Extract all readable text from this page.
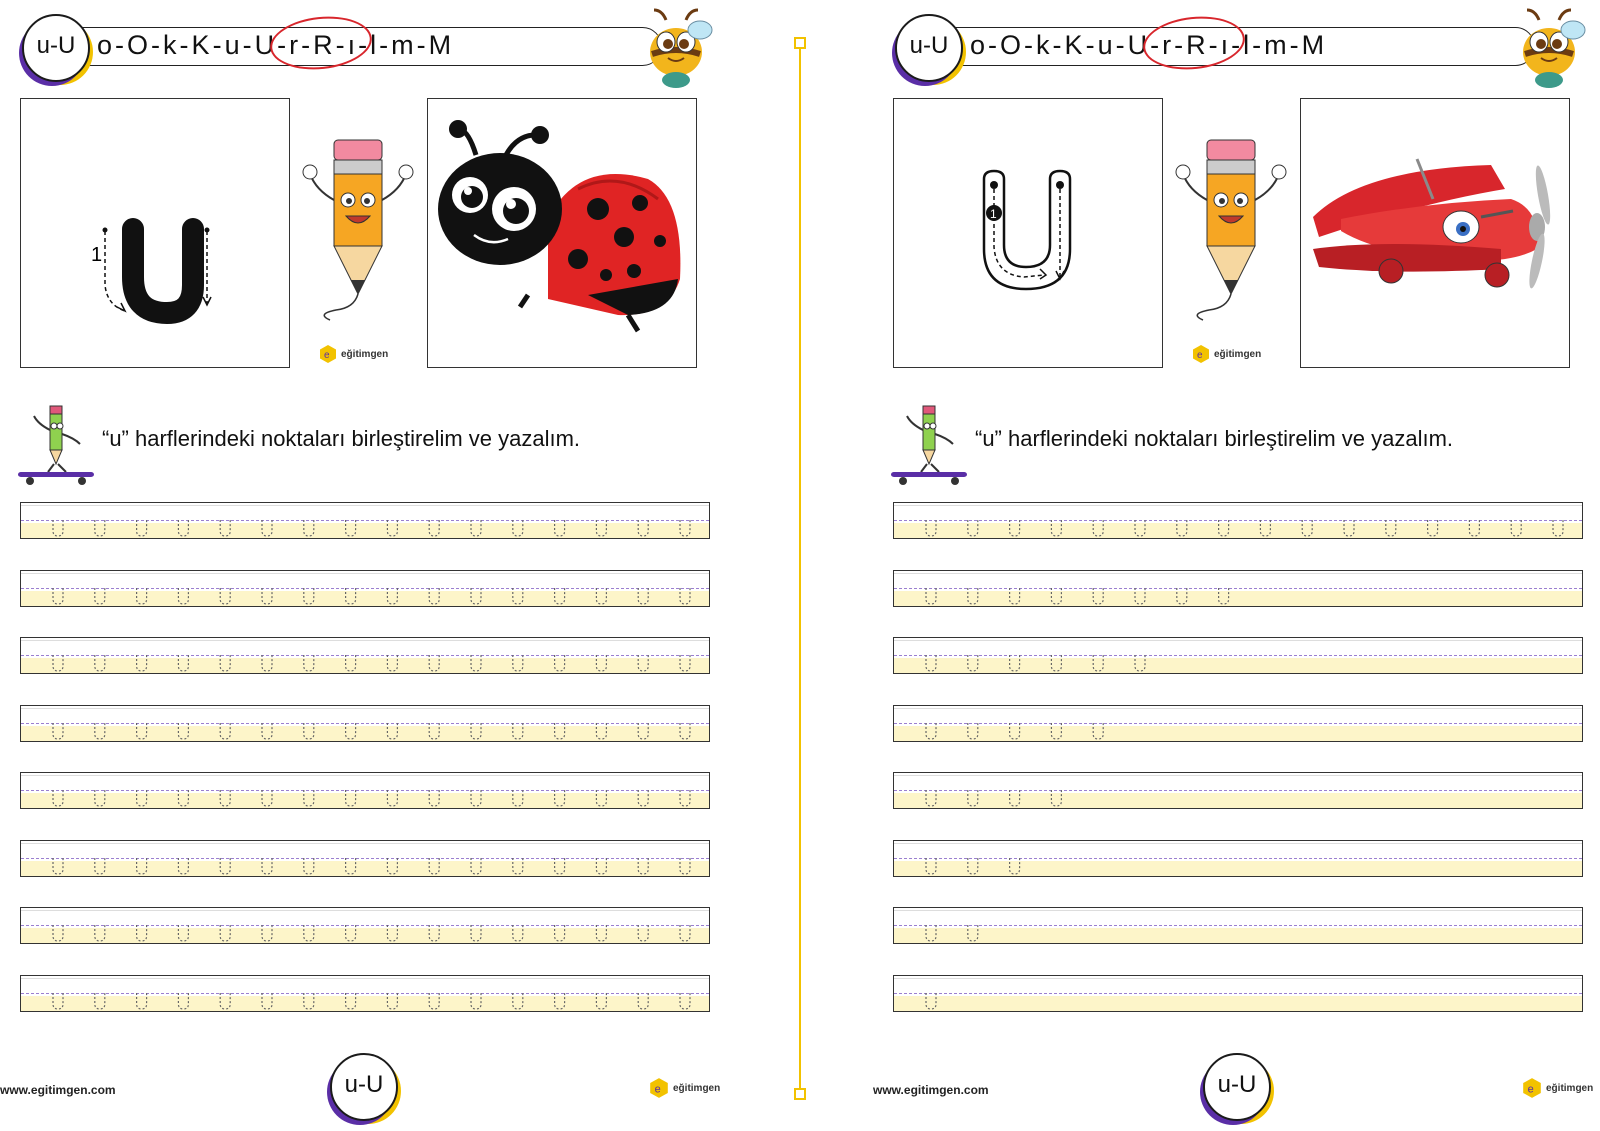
u-U o - O - k - K - u - U - r - R - ı - l - m - M
1
e eğitimgen
“u” harflerindeki noktaları birleştirelim ve yazalım.
www.egitimgen.com	u-U	e eğitimgen
u-U o - O - k - K - u - U - r - R - ı - l - m - M
1
e eğitimgen
“u” harflerindeki noktaları birleştirelim ve yazalım.
www.egitimgen.com	u-U	e eğitimgen
